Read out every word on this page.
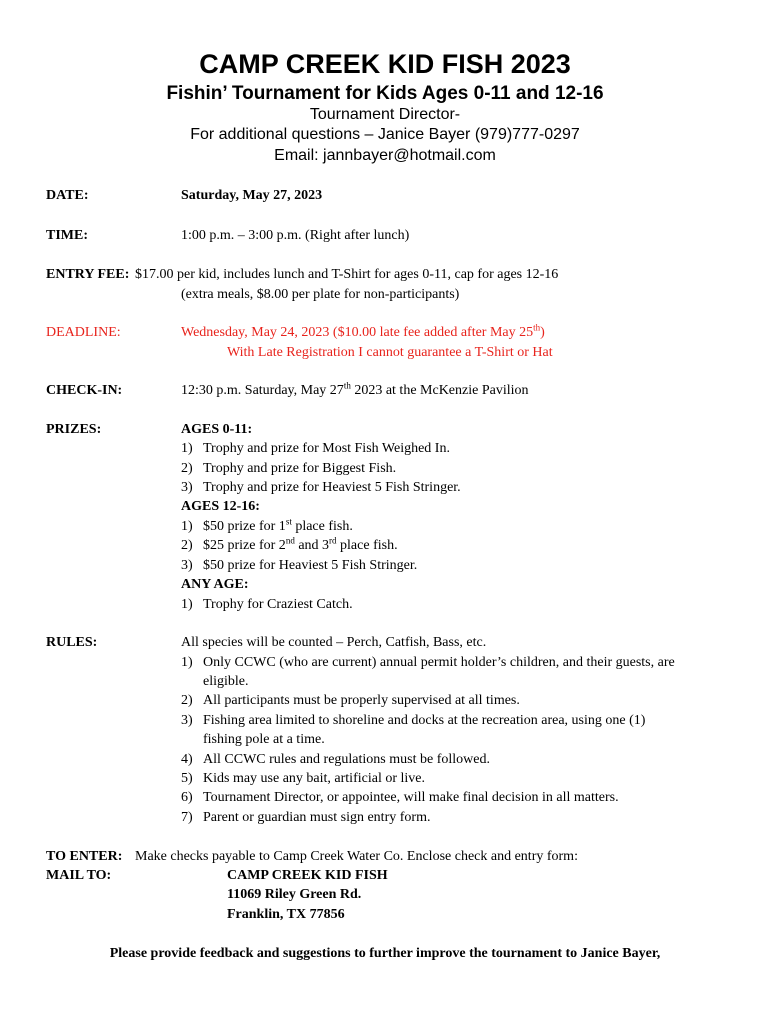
CAMP CREEK KID FISH 2023
Fishin’ Tournament for Kids Ages 0-11 and 12-16
Tournament Director-
For additional questions – Janice Bayer (979)777-0297
Email: jannbayer@hotmail.com
DATE:	Saturday, May 27, 2023
TIME:	1:00 p.m. – 3:00 p.m. (Right after lunch)
ENTRY FEE: $17.00 per kid, includes lunch and T-Shirt for ages 0-11, cap for ages 12-16
(extra meals, $8.00 per plate for non-participants)
DEADLINE:	Wednesday, May 24, 2023 ($10.00 late fee added after May 25th)
With Late Registration I cannot guarantee a T-Shirt or Hat
CHECK-IN:	12:30 p.m. Saturday, May 27th 2023 at the McKenzie Pavilion
PRIZES:	AGES 0-11:
1) Trophy and prize for Most Fish Weighed In.
2) Trophy and prize for Biggest Fish.
3) Trophy and prize for Heaviest 5 Fish Stringer.
AGES 12-16:
1) $50 prize for 1st place fish.
2) $25 prize for 2nd and 3rd place fish.
3) $50 prize for Heaviest 5 Fish Stringer.
ANY AGE:
1) Trophy for Craziest Catch.
RULES:	All species will be counted – Perch, Catfish, Bass, etc.
1) Only CCWC (who are current) annual permit holder’s children, and their guests, are
eligible.
2) All participants must be properly supervised at all times.
3) Fishing area limited to shoreline and docks at the recreation area, using one (1)
fishing pole at a time.
4) All CCWC rules and regulations must be followed.
5) Kids may use any bait, artificial or live.
6) Tournament Director, or appointee, will make final decision in all matters.
7) Parent or guardian must sign entry form.
TO ENTER: Make checks payable to Camp Creek Water Co. Enclose check and entry form:
MAIL TO:	CAMP CREEK KID FISH
11069 Riley Green Rd.
Franklin, TX 77856
Please provide feedback and suggestions to further improve the tournament to Janice Bayer,
